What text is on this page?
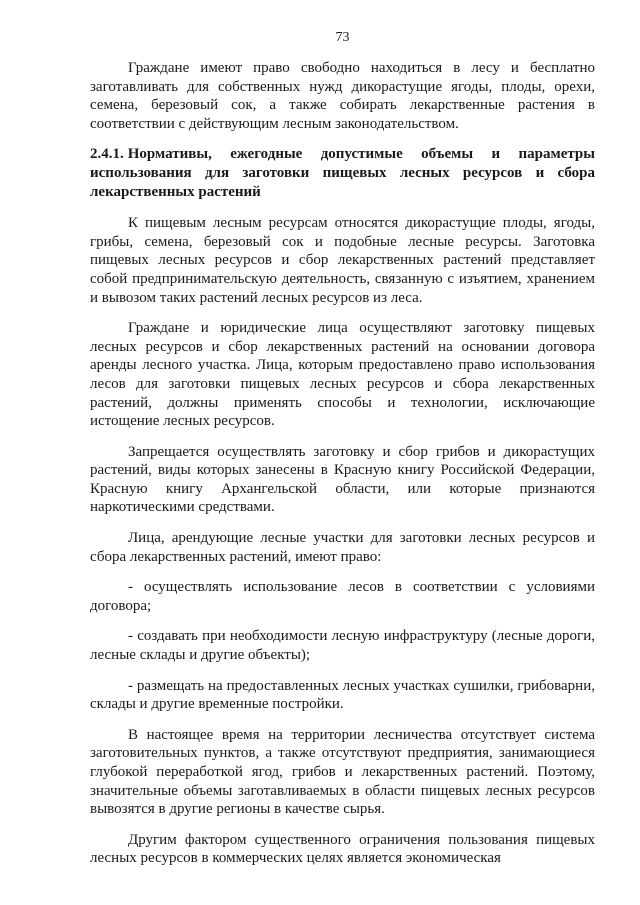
73

Граждане имеют право свободно находиться в лесу и бесплатно заготавливать для собственных нужд дикорастущие ягоды, плоды, орехи, семена, березовый сок, а также собирать лекарственные растения в соответствии с действующим лесным законодательством.

2.4.1. Нормативы, ежегодные допустимые объемы и параметры использования для заготовки пищевых лесных ресурсов и сбора лекарственных растений

К пищевым лесным ресурсам относятся дикорастущие плоды, ягоды, грибы, семена, березовый сок и подобные лесные ресурсы. Заготовка пищевых лесных ресурсов и сбор лекарственных растений представляет собой предпринимательскую деятельность, связанную с изъятием, хранением и вывозом таких растений лесных ресурсов из леса.

Граждане и юридические лица осуществляют заготовку пищевых лесных ресурсов и сбор лекарственных растений на основании договора аренды лесного участка. Лица, которым предоставлено право использования лесов для заготовки пищевых лесных ресурсов и сбора лекарственных растений, должны применять способы и технологии, исключающие истощение лесных ресурсов.

Запрещается осуществлять заготовку и сбор грибов и дикорастущих растений, виды которых занесены в Красную книгу Российской Федерации, Красную книгу Архангельской области, или которые признаются наркотическими средствами.

Лица, арендующие лесные участки для заготовки лесных ресурсов и сбора лекарственных растений, имеют право:

- осуществлять использование лесов в соответствии с условиями договора;

- создавать при необходимости лесную инфраструктуру (лесные дороги, лесные склады и другие объекты);

- размещать на предоставленных лесных участках сушилки, грибоварни, склады и другие временные постройки.

В настоящее время на территории лесничества отсутствует система заготовительных пунктов, а также отсутствуют предприятия, занимающиеся глубокой переработкой ягод, грибов и лекарственных растений. Поэтому, значительные объемы заготавливаемых в области пищевых лесных ресурсов вывозятся в другие регионы в качестве сырья.

Другим фактором существенного ограничения пользования пищевых лесных ресурсов в коммерческих целях является экономическая
